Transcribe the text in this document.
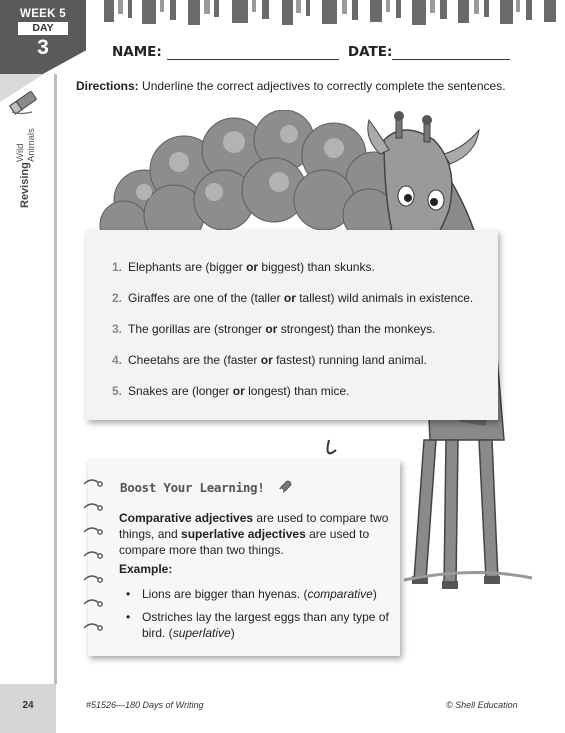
WEEK 5
DAY
3
Revising
Wild Animals
NAME:	DATE:
Directions: Underline the correct adjectives to correctly complete the sentences.
1. Elephants are (bigger or biggest) than skunks.
2. Giraffes are one of the (taller or tallest) wild animals in existence.
3. The gorillas are (stronger or strongest) than the monkeys.
4. Cheetahs are the (faster or fastest) running land animal.
5. Snakes are (longer or longest) than mice.
Boost Your Learning!
Comparative adjectives are used to compare two things, and superlative adjectives are used to compare more than two things.
Example:
• Lions are bigger than hyenas. (comparative)
• Ostriches lay the largest eggs than any type of bird. (superlative)
24	#51526—180 Days of Writing	© Shell Education
